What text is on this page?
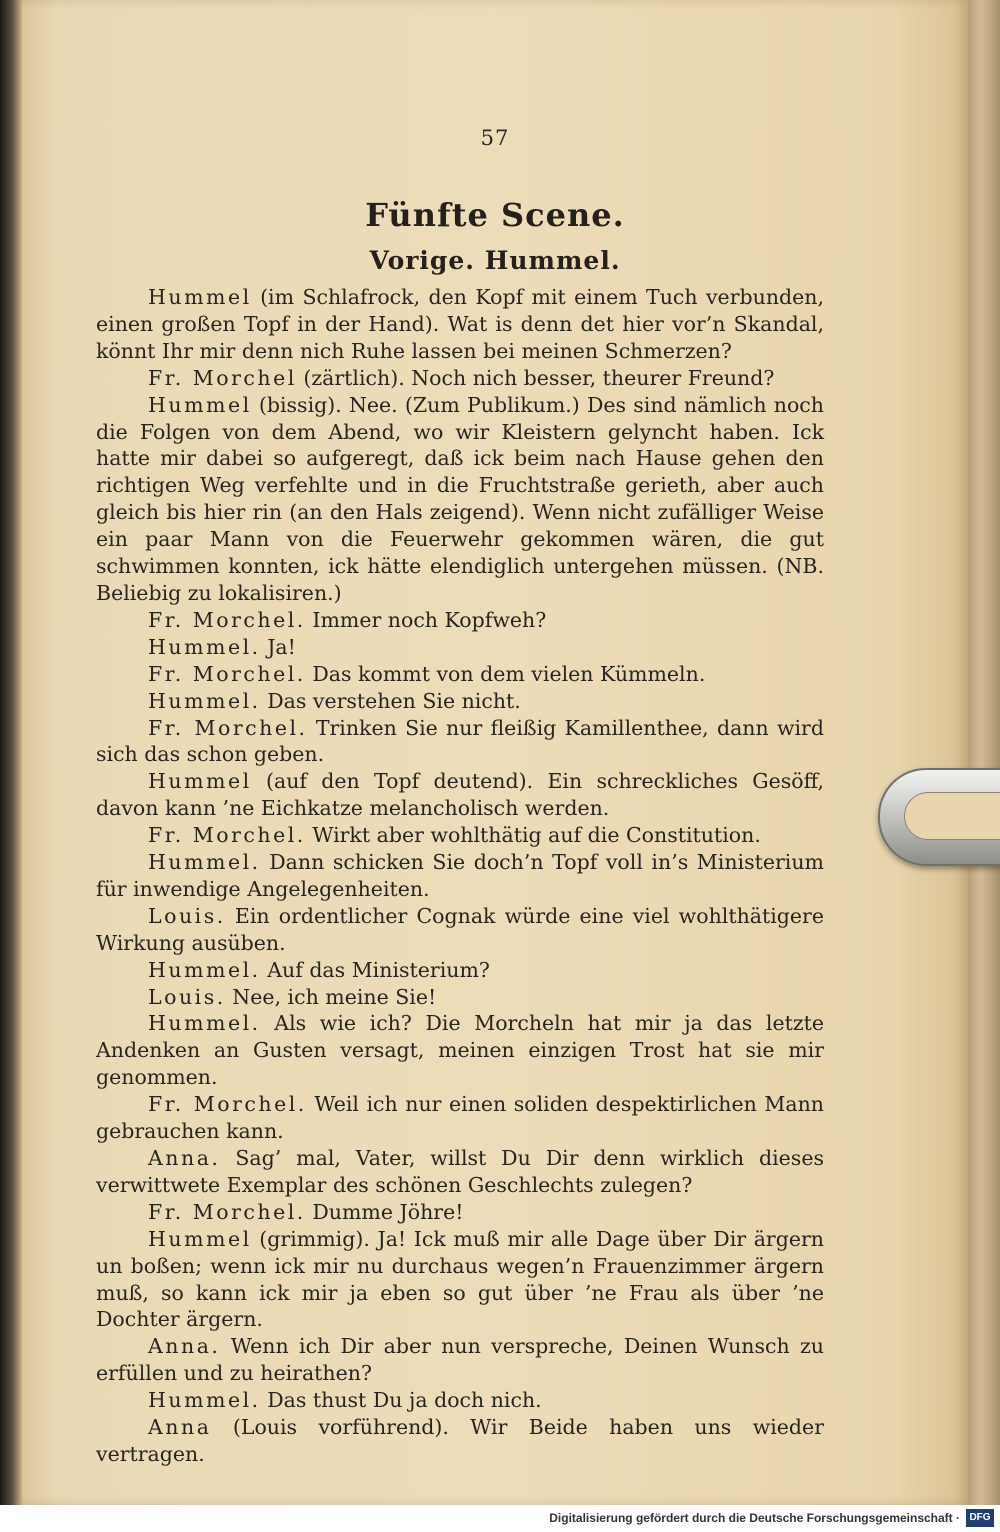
57
Fünfte Scene.
Vorige. Hummel.

Hummel (im Schlafrock, den Kopf mit einem Tuch verbunden, einen großen Topf in der Hand). Wat is denn det hier vor’n Skandal, könnt Ihr mir denn nich Ruhe lassen bei meinen Schmerzen?

Fr. Morchel (zärtlich). Noch nich besser, theurer Freund?

Hummel (bissig). Nee. (Zum Publikum.) Des sind nämlich noch die Folgen von dem Abend, wo wir Kleistern gelyncht haben. Ick hatte mir dabei so aufgeregt, daß ick beim nach Hause gehen den richtigen Weg verfehlte und in die Fruchtstraße gerieth, aber auch gleich bis hier rin (an den Hals zeigend). Wenn nicht zufälliger Weise ein paar Mann von die Feuerwehr gekommen wären, die gut schwimmen konnten, ick hätte elendiglich untergehen müssen. (NB. Beliebig zu lokalisiren.)

Fr. Morchel. Immer noch Kopfweh?

Hummel. Ja!

Fr. Morchel. Das kommt von dem vielen Kümmeln.

Hummel. Das verstehen Sie nicht.

Fr. Morchel. Trinken Sie nur fleißig Kamillenthee, dann wird sich das schon geben.

Hummel (auf den Topf deutend). Ein schreckliches Gesöff, davon kann ’ne Eichkatze melancholisch werden.

Fr. Morchel. Wirkt aber wohlthätig auf die Constitution.

Hummel. Dann schicken Sie doch’n Topf voll in’s Ministerium für inwendige Angelegenheiten.

Louis. Ein ordentlicher Cognak würde eine viel wohlthätigere Wirkung ausüben.

Hummel. Auf das Ministerium?

Louis. Nee, ich meine Sie!

Hummel. Als wie ich? Die Morcheln hat mir ja das letzte Andenken an Gusten versagt, meinen einzigen Trost hat sie mir genommen.

Fr. Morchel. Weil ich nur einen soliden despektirlichen Mann gebrauchen kann.

Anna. Sag’ mal, Vater, willst Du Dir denn wirklich dieses verwittwete Exemplar des schönen Geschlechts zulegen?

Fr. Morchel. Dumme Jöhre!

Hummel (grimmig). Ja! Ick muß mir alle Dage über Dir ärgern un boßen; wenn ick mir nu durchaus wegen’n Frauenzimmer ärgern muß, so kann ick mir ja eben so gut über ’ne Frau als über ’ne Dochter ärgern.

Anna. Wenn ich Dir aber nun verspreche, Deinen Wunsch zu erfüllen und zu heirathen?

Hummel. Das thust Du ja doch nich.

Anna (Louis vorführend). Wir Beide haben uns wieder vertragen.

Digitalisierung gefördert durch die Deutsche Forschungsgemeinschaft · DFG
